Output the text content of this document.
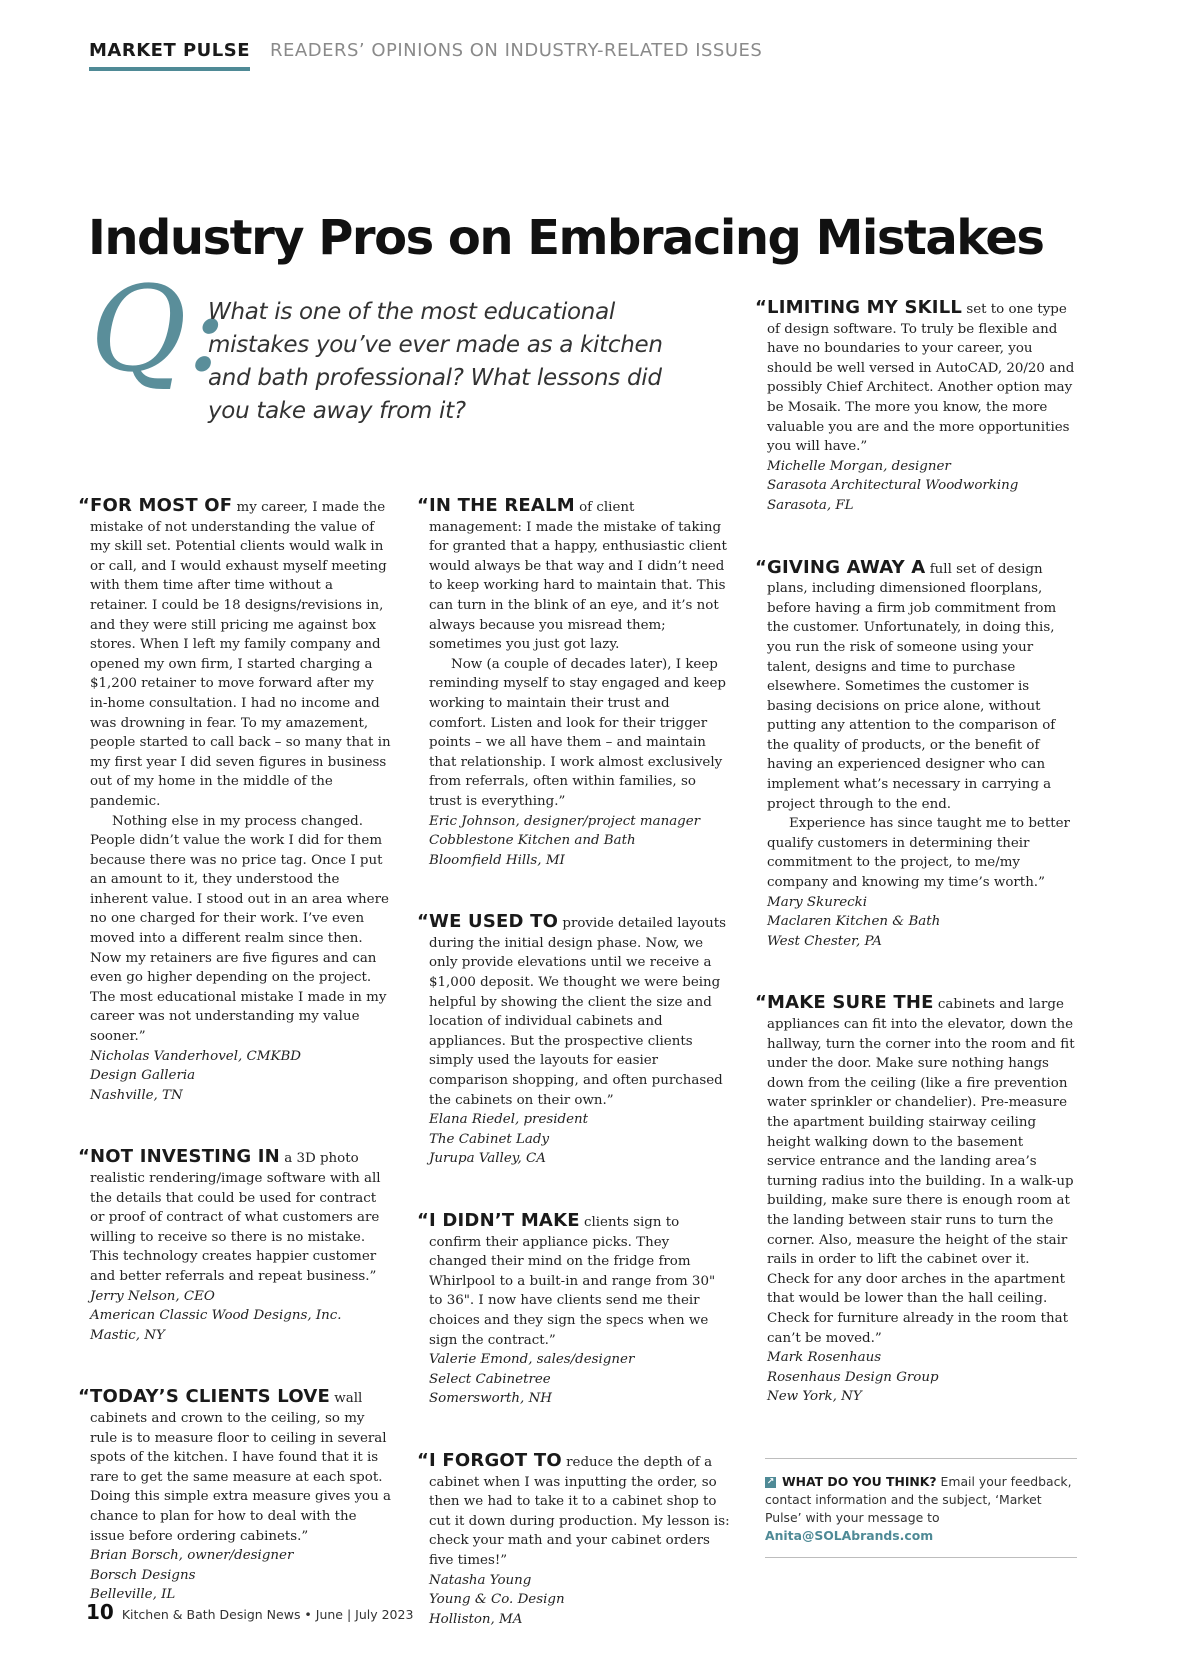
MARKET PULSE READERS’ OPINIONS ON INDUSTRY-RELATED ISSUES
Industry Pros on Embracing Mistakes
Q:

What is one of the most educational mistakes you’ve ever made as a kitchen and bath professional? What lessons did you take away from it?

“FOR MOST OF my career, I made the mistake of not understanding the value of my skill set. Potential clients would walk in or call, and I would exhaust myself meeting with them time after time without a retainer. I could be 18 designs/revisions in, and they were still pricing me against box stores. When I left my family company and opened my own firm, I started charging a $1,200 retainer to move forward after my in-home consultation. I had no income and was drowning in fear. To my amazement, people started to call back – so many that in my first year I did seven figures in business out of my home in the middle of the pandemic.

Nothing else in my process changed. People didn’t value the work I did for them because there was no price tag. Once I put an amount to it, they understood the inherent value. I stood out in an area where no one charged for their work. I’ve even moved into a different realm since then. Now my retainers are five figures and can even go higher depending on the project. The most educational mistake I made in my career was not understanding my value sooner.”

Nicholas Vanderhovel, CMKBD

Design Galleria

Nashville, TN

“NOT INVESTING IN a 3D photo realistic rendering/image software with all the details that could be used for contract or proof of contract of what customers are willing to receive so there is no mistake. This technology creates happier customer and better referrals and repeat business.”

Jerry Nelson, CEO

American Classic Wood Designs, Inc.

Mastic, NY

“TODAY’S CLIENTS LOVE wall cabinets and crown to the ceiling, so my rule is to measure floor to ceiling in several spots of the kitchen. I have found that it is rare to get the same measure at each spot. Doing this simple extra measure gives you a chance to plan for how to deal with the issue before ordering cabinets.”

Brian Borsch, owner/designer

Borsch Designs

Belleville, IL

“IN THE REALM of client management: I made the mistake of taking for granted that a happy, enthusiastic client would always be that way and I didn’t need to keep working hard to maintain that. This can turn in the blink of an eye, and it’s not always because you misread them; sometimes you just got lazy.

Now (a couple of decades later), I keep reminding myself to stay engaged and keep working to maintain their trust and comfort. Listen and look for their trigger points – we all have them – and maintain that relationship. I work almost exclusively from referrals, often within families, so trust is everything.”

Eric Johnson, designer/project manager

Cobblestone Kitchen and Bath

Bloomfield Hills, MI

“WE USED TO provide detailed layouts during the initial design phase. Now, we only provide elevations until we receive a $1,000 deposit. We thought we were being helpful by showing the client the size and location of individual cabinets and appliances. But the prospective clients simply used the layouts for easier comparison shopping, and often purchased the cabinets on their own.”

Elana Riedel, president

The Cabinet Lady

Jurupa Valley, CA

“I DIDN’T MAKE clients sign to confirm their appliance picks. They changed their mind on the fridge from Whirlpool to a built-in and range from 30" to 36". I now have clients send me their choices and they sign the specs when we sign the contract.”

Valerie Emond, sales/designer

Select Cabinetree

Somersworth, NH

“I FORGOT TO reduce the depth of a cabinet when I was inputting the order, so then we had to take it to a cabinet shop to cut it down during production. My lesson is: check your math and your cabinet orders five times!”

Natasha Young

Young & Co. Design

Holliston, MA

“LIMITING MY SKILL set to one type of design software. To truly be flexible and have no boundaries to your career, you should be well versed in AutoCAD, 20/20 and possibly Chief Architect. Another option may be Mosaik. The more you know, the more valuable you are and the more opportunities you will have.”

Michelle Morgan, designer

Sarasota Architectural Woodworking

Sarasota, FL

“GIVING AWAY A full set of design plans, including dimensioned floorplans, before having a firm job commitment from the customer. Unfortunately, in doing this, you run the risk of someone using your talent, designs and time to purchase elsewhere. Sometimes the customer is basing decisions on price alone, without putting any attention to the comparison of the quality of products, or the benefit of having an experienced designer who can implement what’s necessary in carrying a project through to the end.

Experience has since taught me to better qualify customers in determining their commitment to the project, to me/my company and knowing my time’s worth.”

Mary Skurecki

Maclaren Kitchen & Bath

West Chester, PA

“MAKE SURE THE cabinets and large appliances can fit into the elevator, down the hallway, turn the corner into the room and fit under the door. Make sure nothing hangs down from the ceiling (like a fire prevention water sprinkler or chandelier). Pre-measure the apartment building stairway ceiling height walking down to the basement service entrance and the landing area’s turning radius into the building. In a walk-up building, make sure there is enough room at the landing between stair runs to turn the corner. Also, measure the height of the stair rails in order to lift the cabinet over it. Check for any door arches in the apartment that would be lower than the hall ceiling. Check for furniture already in the room that can’t be moved.”

Mark Rosenhaus

Rosenhaus Design Group

New York, NY

↗ WHAT DO YOU THINK? Email your feedback, contact information and the subject, ‘Market Pulse’ with your message to Anita@SOLAbrands.com
10 Kitchen & Bath Design News • June | July 2023
